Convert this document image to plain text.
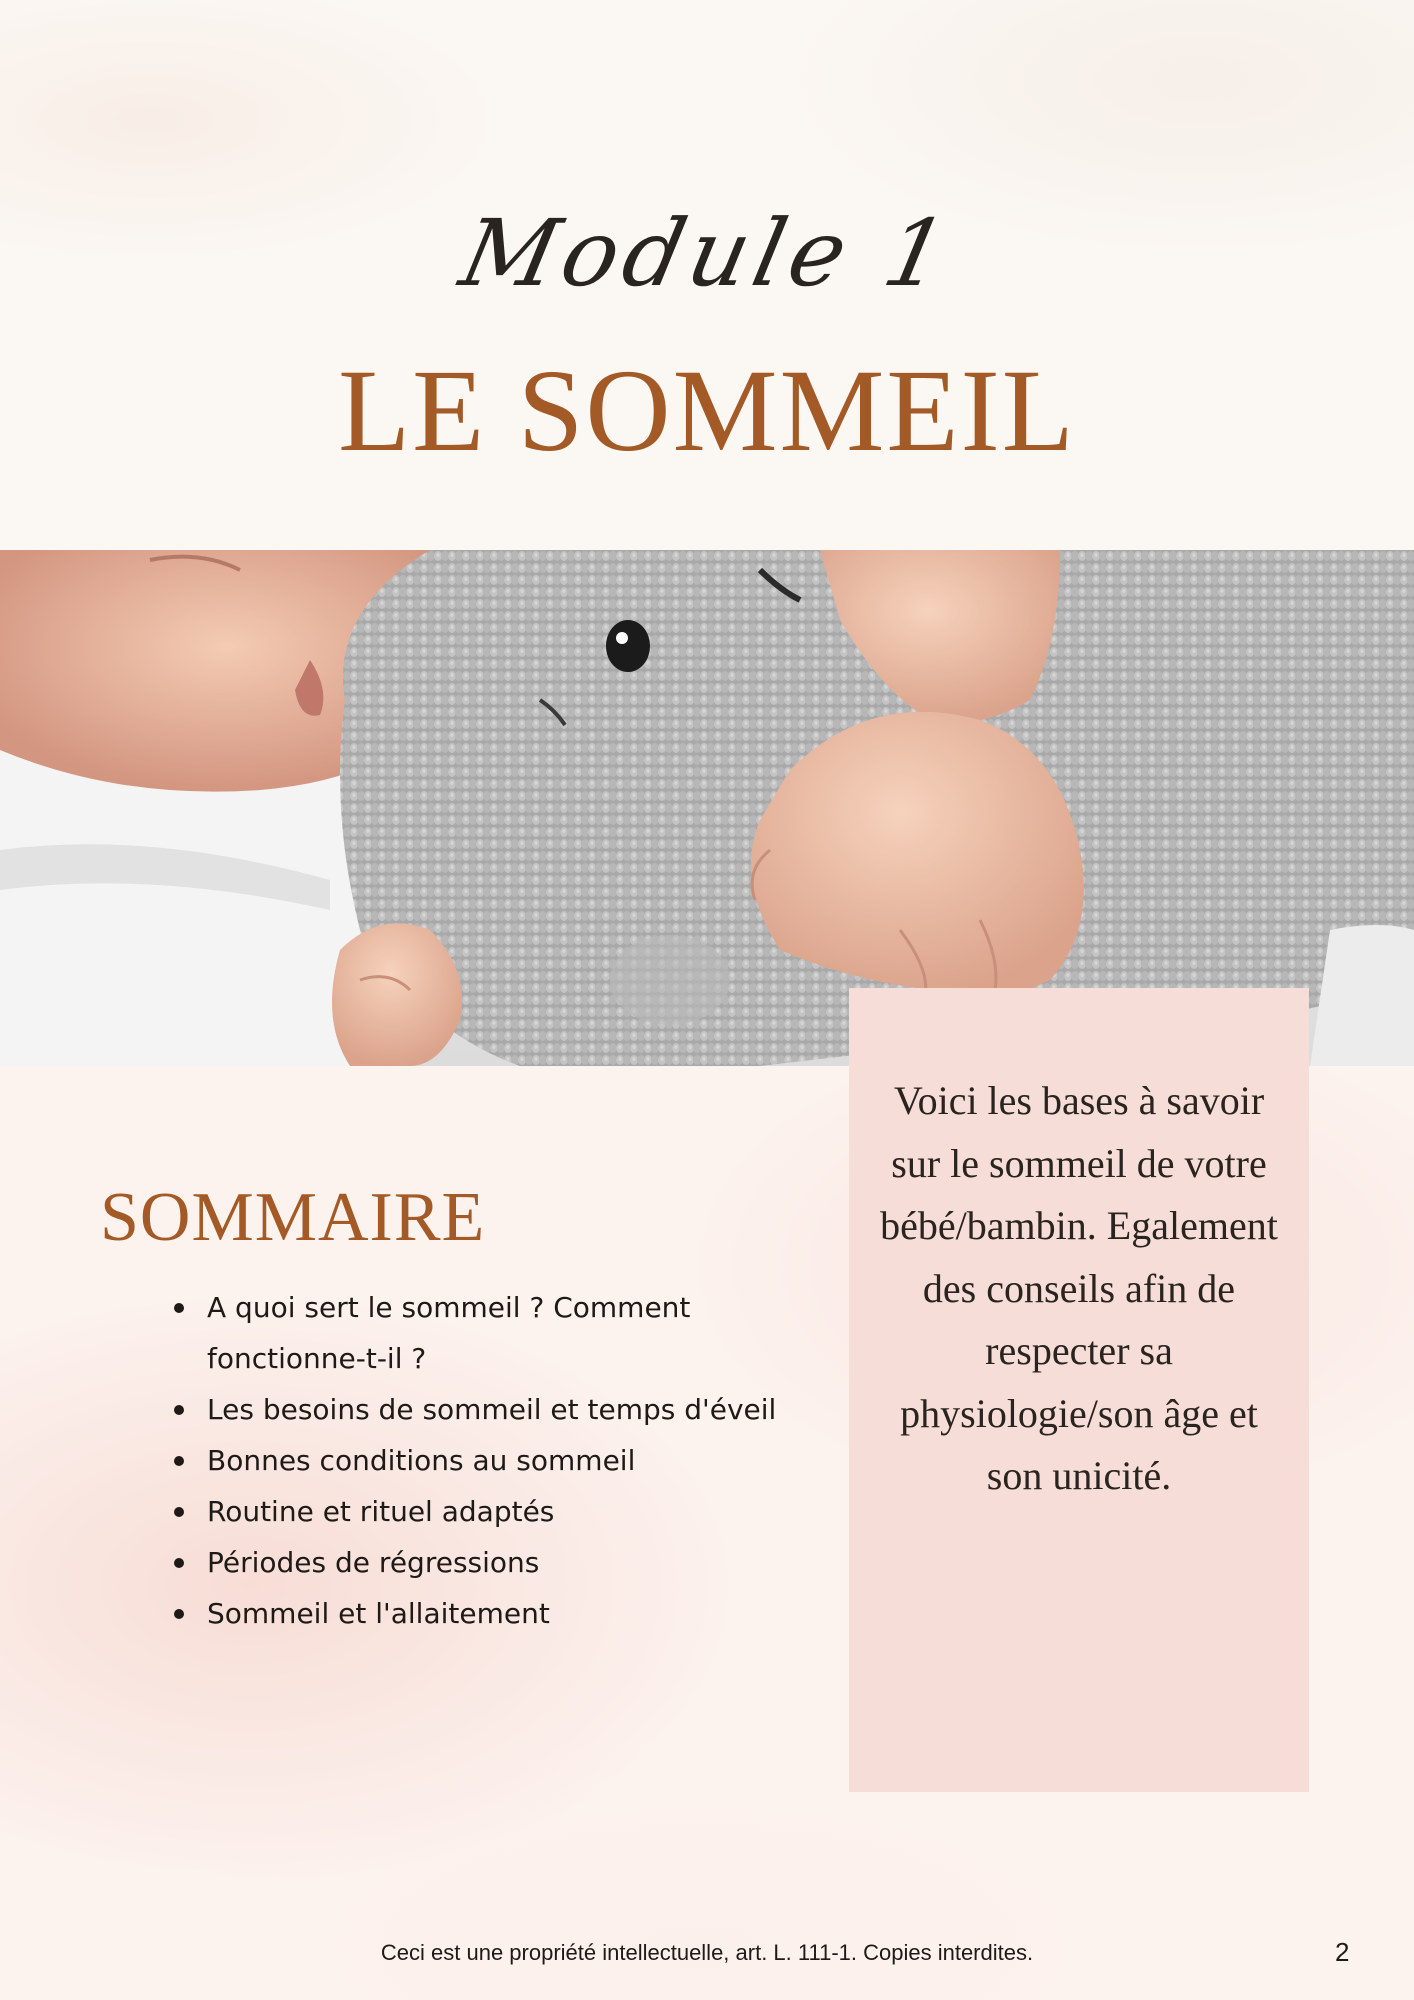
Module 1
LE SOMMEIL
SOMMAIRE
A quoi sert le sommeil ? Comment fonctionne-t-il ?
Les besoins de sommeil et temps d'éveil
Bonnes conditions au sommeil
Routine et rituel adaptés
Périodes de régressions
Sommeil et l'allaitement
Voici les bases à savoir sur le sommeil de votre bébé/bambin. Egalement des conseils afin de respecter sa physiologie/son âge et son unicité.
Ceci est une propriété intellectuelle, art. L. 111-1. Copies interdites.	2
